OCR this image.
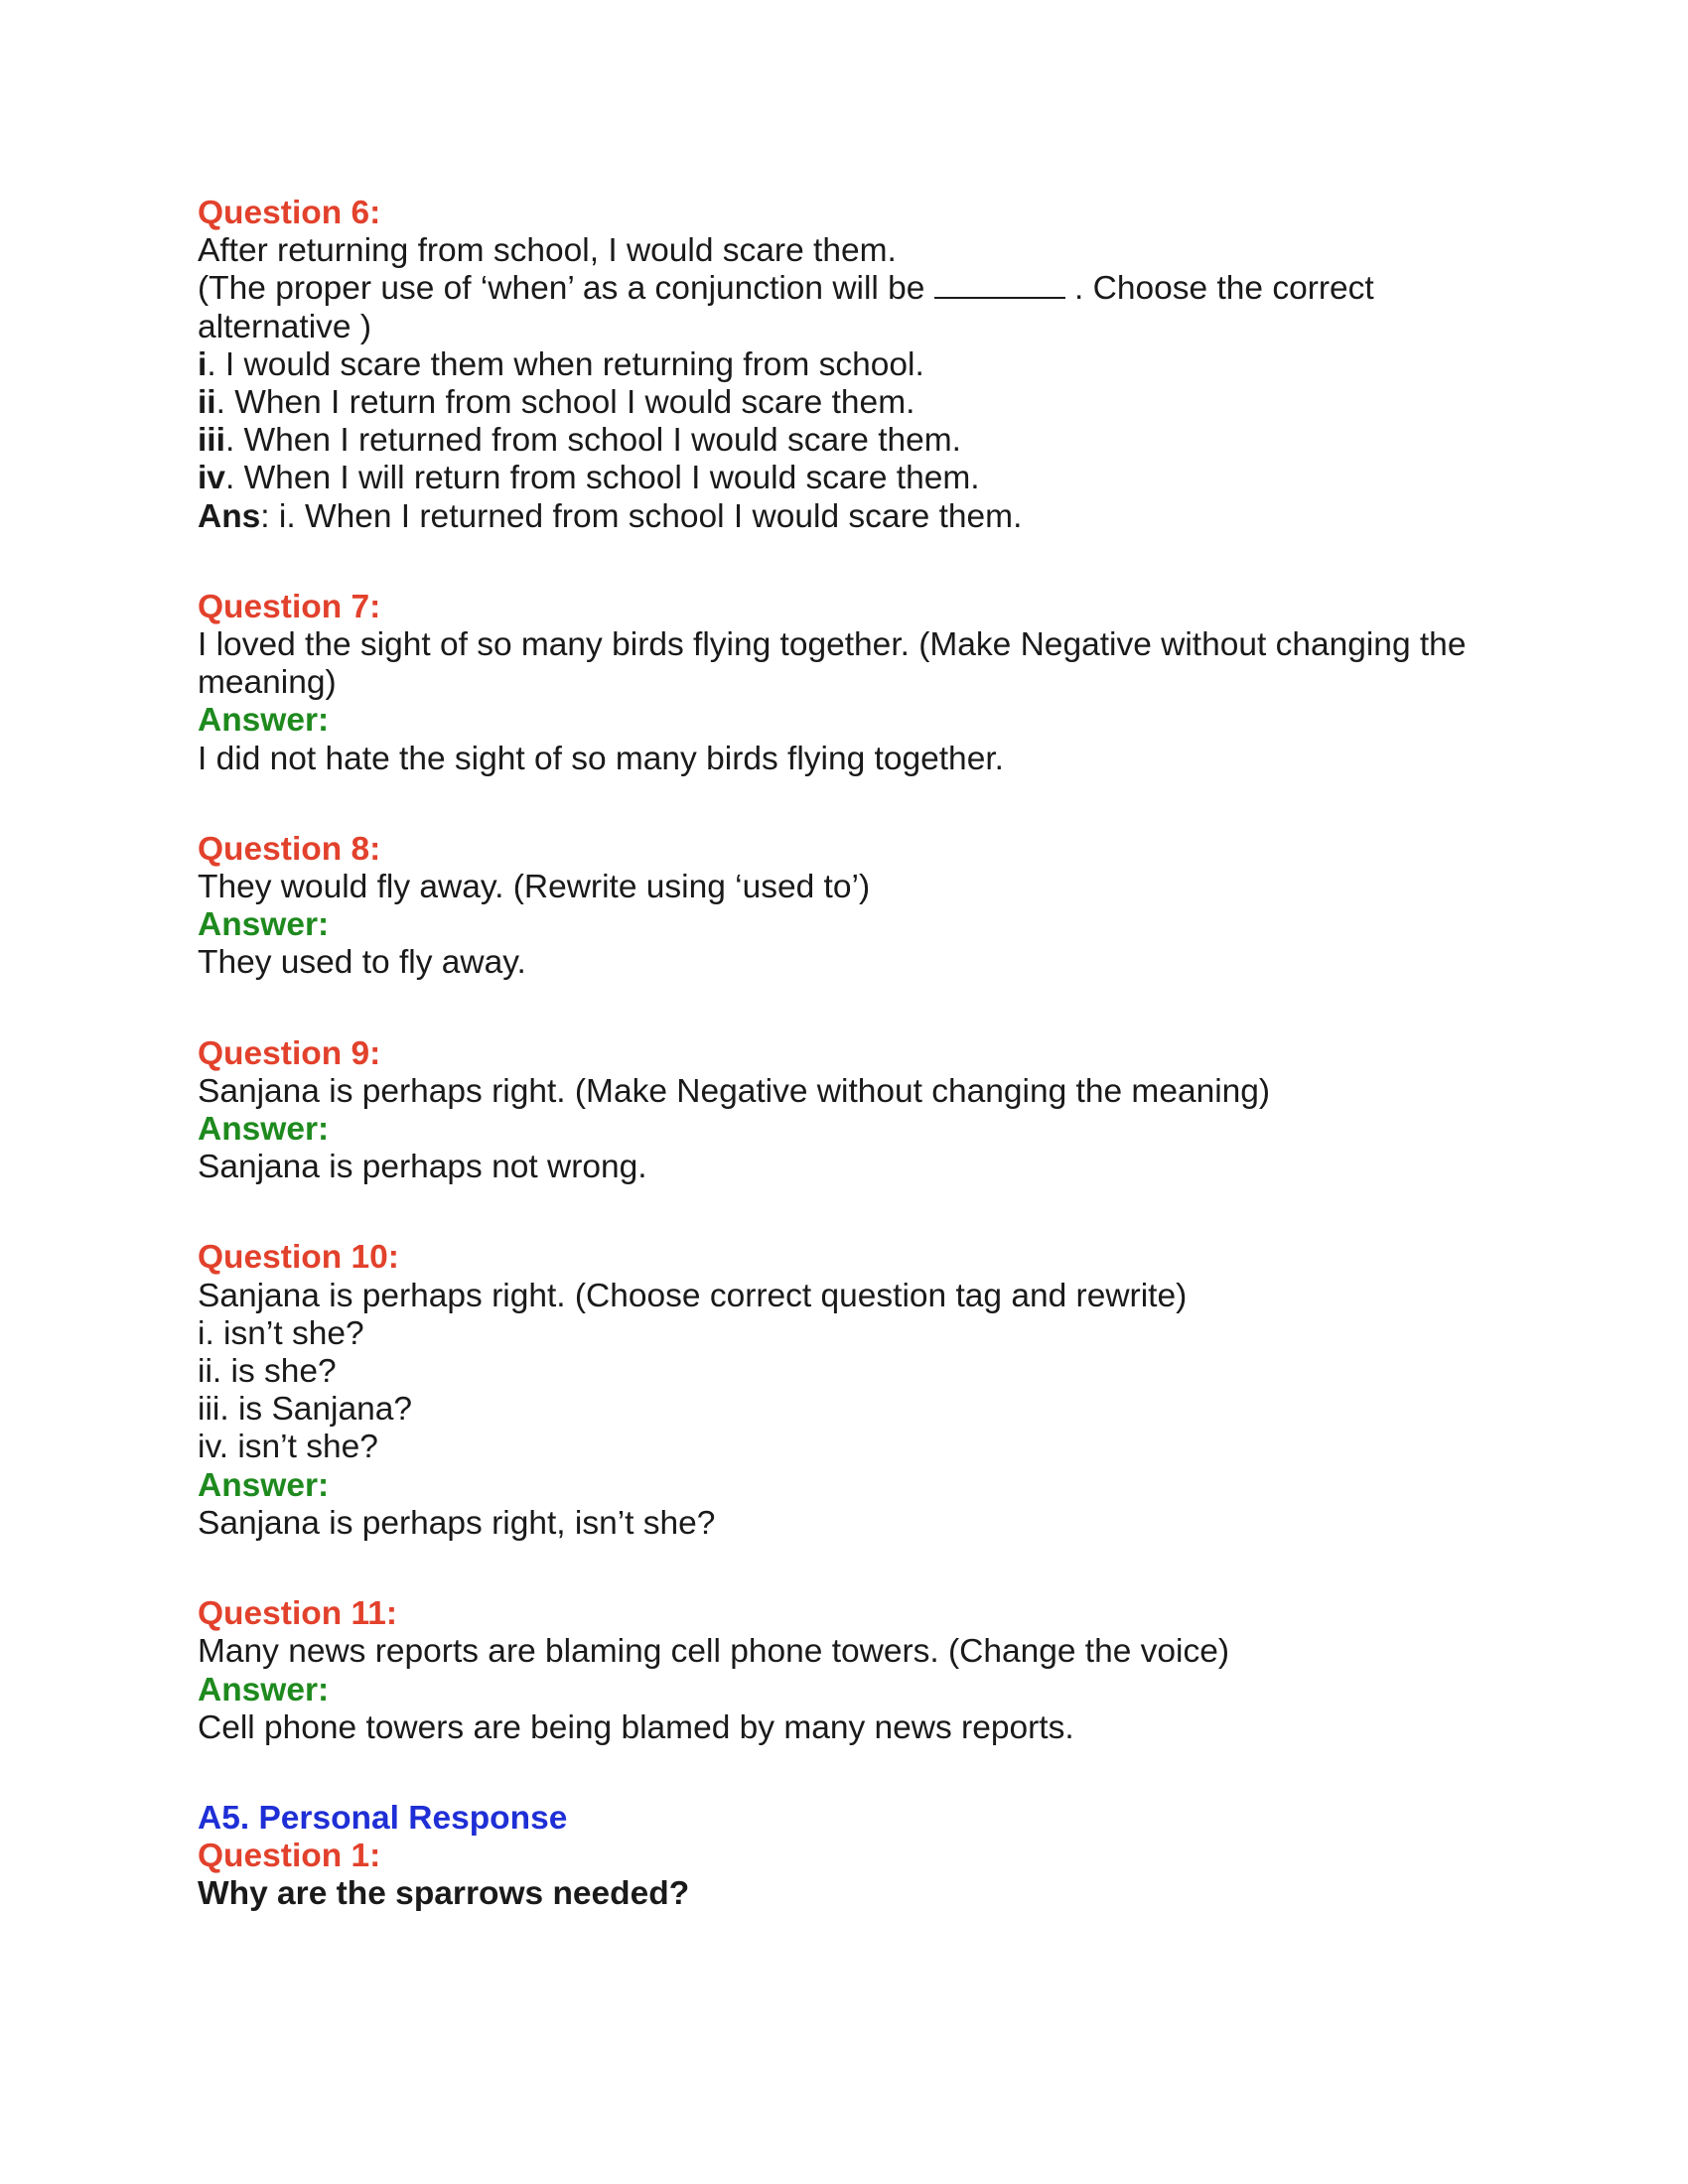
Question 6:
After returning from school, I would scare them.
(The proper use of ‘when’ as a conjunction will be	. Choose the correct alternative )
i. I would scare them when returning from school.
ii. When I return from school I would scare them.
iii. When I returned from school I would scare them.
iv. When I will return from school I would scare them.
Ans: i. When I returned from school I would scare them.
Question 7:
I loved the sight of so many birds flying together. (Make Negative without changing the meaning)
Answer:
I did not hate the sight of so many birds flying together.
Question 8:
They would fly away. (Rewrite using ‘used to’)
Answer:
They used to fly away.
Question 9:
Sanjana is perhaps right. (Make Negative without changing the meaning)
Answer:
Sanjana is perhaps not wrong.
Question 10:
Sanjana is perhaps right. (Choose correct question tag and rewrite)
i. isn’t she?
ii. is she?
iii. is Sanjana?
iv. isn’t she?
Answer:
Sanjana is perhaps right, isn’t she?
Question 11:
Many news reports are blaming cell phone towers. (Change the voice)
Answer:
Cell phone towers are being blamed by many news reports.
A5. Personal Response
Question 1:
Why are the sparrows needed?
